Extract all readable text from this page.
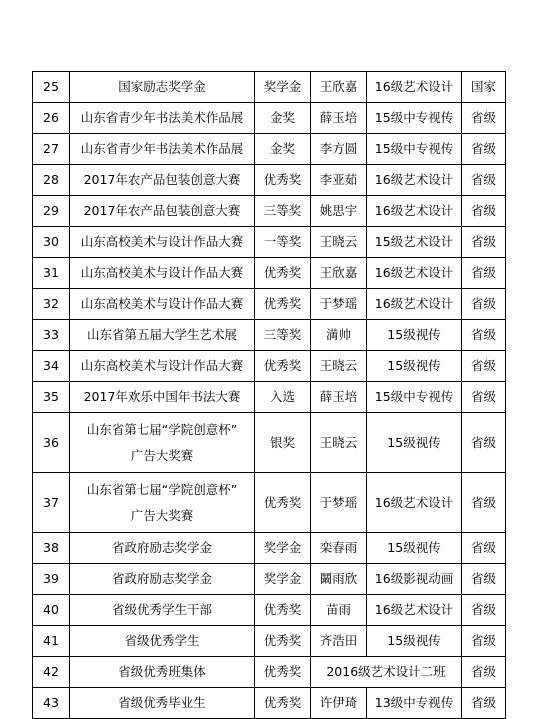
25	国家励志奖学金	奖学金	王欣嘉	16级艺术设计	国家
26	山东省青少年书法美术作品展	金奖	薛玉培	15级中专视传	省级
27	山东省青少年书法美术作品展	金奖	李方圆	15级中专视传	省级
28	2017年农产品包装创意大赛	优秀奖	李亚茹	16级艺术设计	省级
29	2017年农产品包装创意大赛	三等奖	姚思宇	16级艺术设计	省级
30	山东高校美术与设计作品大赛	一等奖	王晓云	15级艺术设计	省级
31	山东高校美术与设计作品大赛	优秀奖	王欣嘉	16级艺术设计	省级
32	山东高校美术与设计作品大赛	优秀奖	于梦瑶	16级艺术设计	省级
33	山东省第五届大学生艺术展	三等奖	満帅	15级视传	省级
34	山东高校美术与设计作品大赛	优秀奖	王晓云	15级视传	省级
35	2017年欢乐中国年书法大赛	入选	薛玉培	15级中专视传	省级
36	山东省第七届“学院创意杯”
广告大奖赛	银奖	王晓云	15级视传	省级
37	山东省第七届“学院创意杯”
广告大奖赛	优秀奖	于梦瑶	16级艺术设计	省级
38	省政府励志奖学金	奖学金	栾春雨	15级视传	省级
39	省政府励志奖学金	奖学金	鬫雨欣	16级影视动画	省级
40	省级优秀学生干部	优秀奖	苗雨	16级艺术设计	省级
41	省级优秀学生	优秀奖	齐浩田	15级视传	省级
42	省级优秀班集体	优秀奖	2016级艺术设计二班		省级
43	省级优秀毕业生	优秀奖	许伊琦	13级中专视传	省级
